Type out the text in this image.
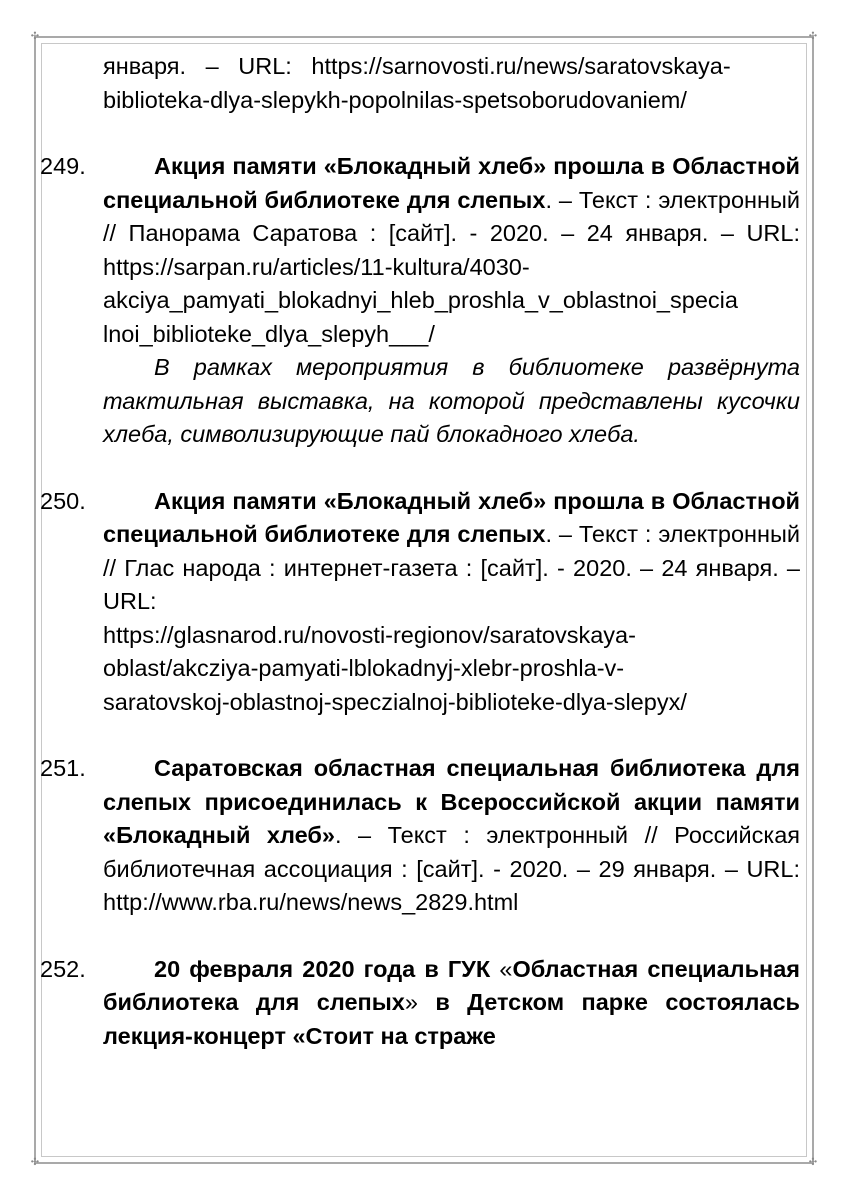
✣	✣
✣	✣
января.   –   URL:   https://sarnovosti.ru/news/saratovskaya-
biblioteka-dlya-slepykh-popolnilas-spetsoborudovaniem/
249.	Акция памяти «Блокадный хлеб» прошла в Областной специальной библиотеке для слепых. – Текст : электронный // Панорама Саратова : [сайт]. - 2020. – 24 января. – URL: https://sarpan.ru/articles/11-kultura/4030-
akciya_pamyati_blokadnyi_hleb_proshla_v_oblastnoi_specia
lnoi_biblioteke_dlya_slepyh___/
В рамках мероприятия в библиотеке развёрнута тактильная выставка, на которой представлены кусочки хлеба, символизирующие пай блокадного хлеба.
250.	Акция памяти «Блокадный хлеб» прошла в Областной специальной библиотеке для слепых. – Текст : электронный // Глас народа : интернет-газета : [сайт]. - 2020. – 24 января. – URL:
https://glasnarod.ru/novosti-regionov/saratovskaya-
oblast/akcziya-pamyati-lblokadnyj-xlebr-proshla-v-
saratovskoj-oblastnoj-speczialnoj-biblioteke-dlya-slepyx/
251.	Саратовская областная специальная библиотека для слепых присоединилась к Всероссийской акции памяти «Блокадный хлеб». – Текст : электронный // Российская библиотечная ассоциация : [сайт]. - 2020. – 29 января. – URL: http://www.rba.ru/news/news_2829.html
252.	20 февраля 2020 года в ГУК «Областная специальная библиотека для слепых» в Детском парке состоялась лекция-концерт «Стоит на страже
